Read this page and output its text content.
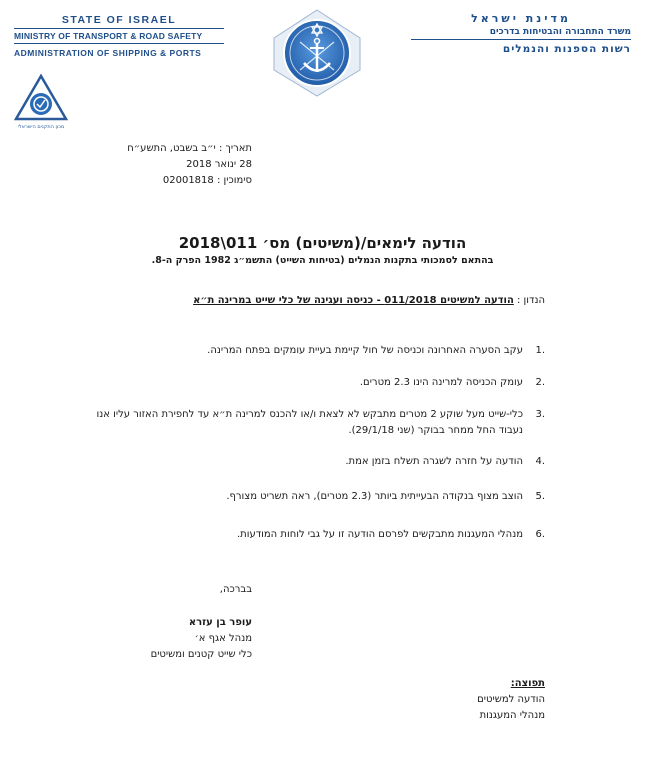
STATE OF ISRAEL
MINISTRY OF TRANSPORT & ROAD SAFETY
ADMINISTRATION OF SHIPPING & PORTS
מדינת ישראל
משרד התחבורה והבטיחות בדרכים
רשות הספנות והנמלים
מכון התקנים הישראלי
תאריך : י״ב בשבט, התשע״ח
28 ינואר 2018
סימוכין : 02001818
הודעה לימאים/(משיטים) מס׳ 011\2018
בהתאם לסמכותי בתקנות הנמלים (בטיחות השייט) התשמ״ג 1982 הפרק ה-8.
הנדון : הודעה למשיטים 011/2018 - כניסה ועגינה של כלי שייט במרינה ת״א
.1
עקב הסערה האחרונה וכניסה של חול קיימת בעיית עומקים בפתח המרינה.
.2
עומק הכניסה למרינה הינו 2.3 מטרים.
.3
כלי-שייט מעל שוקע 2 מטרים מתבקש לא לצאת ו/או להכנס למרינה ת״א עד לחפירת האזור עליו אנו נעבוד החל ממחר בבוקר (שני 29/1/18).
.4
הודעה על חזרה לשגרה תשלח בזמן אמת.
.5
הוצב מצוף בנקודה הבעייתית ביותר (2.3 מטרים), ראה תשריט מצורף.
.6
מנהלי המעגנות מתבקשים לפרסם הודעה זו על גבי לוחות המודעות.
בברכה,
עופר בן עזרא
מנהל אגף א׳
כלי שייט קטנים ומשיטים
תפוצה:
הודעה למשיטים
מנהלי המעגנות
